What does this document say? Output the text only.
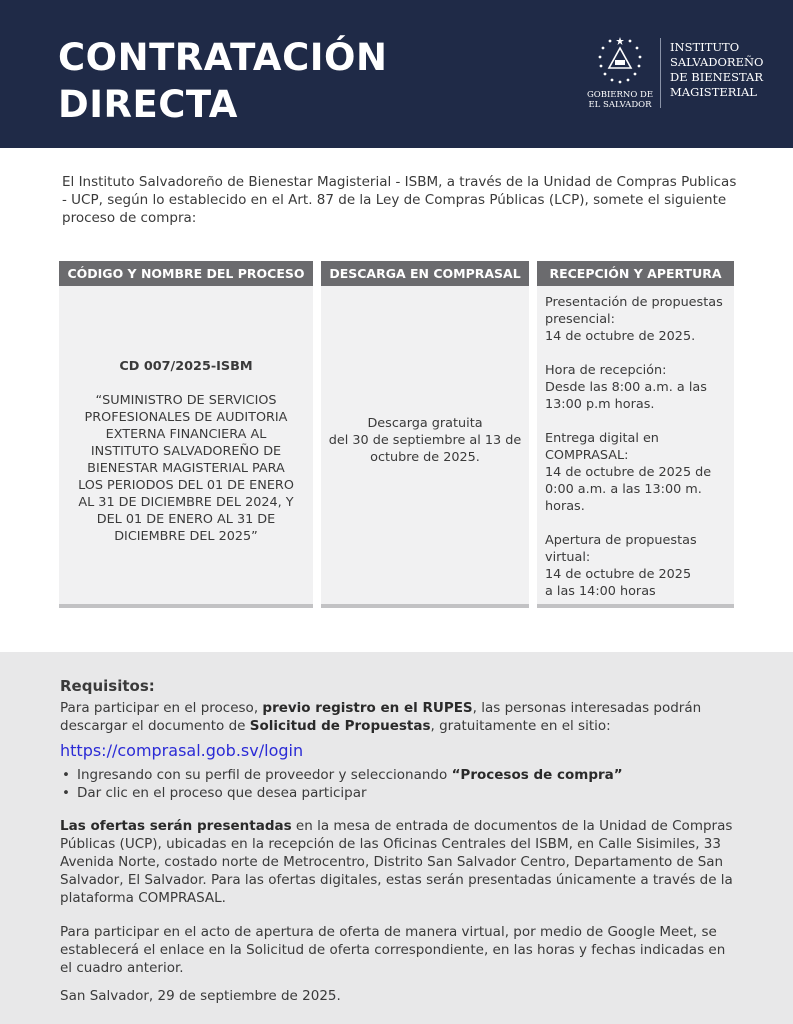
CONTRATACIÓN
DIRECTA	GOBIERNO DE
EL SALVADOR
INSTITUTO
SALVADOREÑO
DE BIENESTAR
MAGISTERIAL
El Instituto Salvadoreño de Bienestar Magisterial - ISBM, a través de la Unidad de Compras Publicas - UCP, según lo establecido en el Art. 87 de la Ley de Compras Públicas (LCP), somete el siguiente proceso de compra:
CÓDIGO Y NOMBRE DEL PROCESO
CD 007/2025-ISBM
“SUMINISTRO DE SERVICIOS PROFESIONALES DE AUDITORIA EXTERNA FINANCIERA AL INSTITUTO SALVADOREÑO DE BIENESTAR MAGISTERIAL PARA LOS PERIODOS DEL 01 DE ENERO AL 31 DE DICIEMBRE DEL 2024, Y DEL 01 DE ENERO AL 31 DE DICIEMBRE DEL 2025”
DESCARGA EN COMPRASAL
Descarga gratuita
del 30 de septiembre al 13 de octubre de 2025.
RECEPCIÓN Y APERTURA
Presentación de propuestas presencial:
14 de octubre de 2025.
Hora de recepción:
Desde las 8:00 a.m. a las 13:00 p.m horas.
Entrega digital en COMPRASAL:
14 de octubre de 2025 de 0:00 a.m. a las 13:00 m. horas.
Apertura de propuestas virtual:
14 de octubre de 2025
a las 14:00 horas
Requisitos:
Para participar en el proceso, previo registro en el RUPES, las personas interesadas podrán descargar el documento de Solicitud de Propuestas, gratuitamente en el sitio:
https://comprasal.gob.sv/login
• Ingresando con su perfil de proveedor y seleccionando “Procesos de compra”
• Dar clic en el proceso que desea participar
Las ofertas serán presentadas en la mesa de entrada de documentos de la Unidad de Compras Públicas (UCP), ubicadas en la recepción de las Oficinas Centrales del ISBM, en Calle Sisimiles, 33 Avenida Norte, costado norte de Metrocentro, Distrito San Salvador Centro, Departamento de San Salvador, El Salvador. Para las ofertas digitales, estas serán presentadas únicamente a través de la plataforma COMPRASAL.
Para participar en el acto de apertura de oferta de manera virtual, por medio de Google Meet, se establecerá el enlace en la Solicitud de oferta correspondiente, en las horas y fechas indicadas en el cuadro anterior.
San Salvador, 29 de septiembre de 2025.
